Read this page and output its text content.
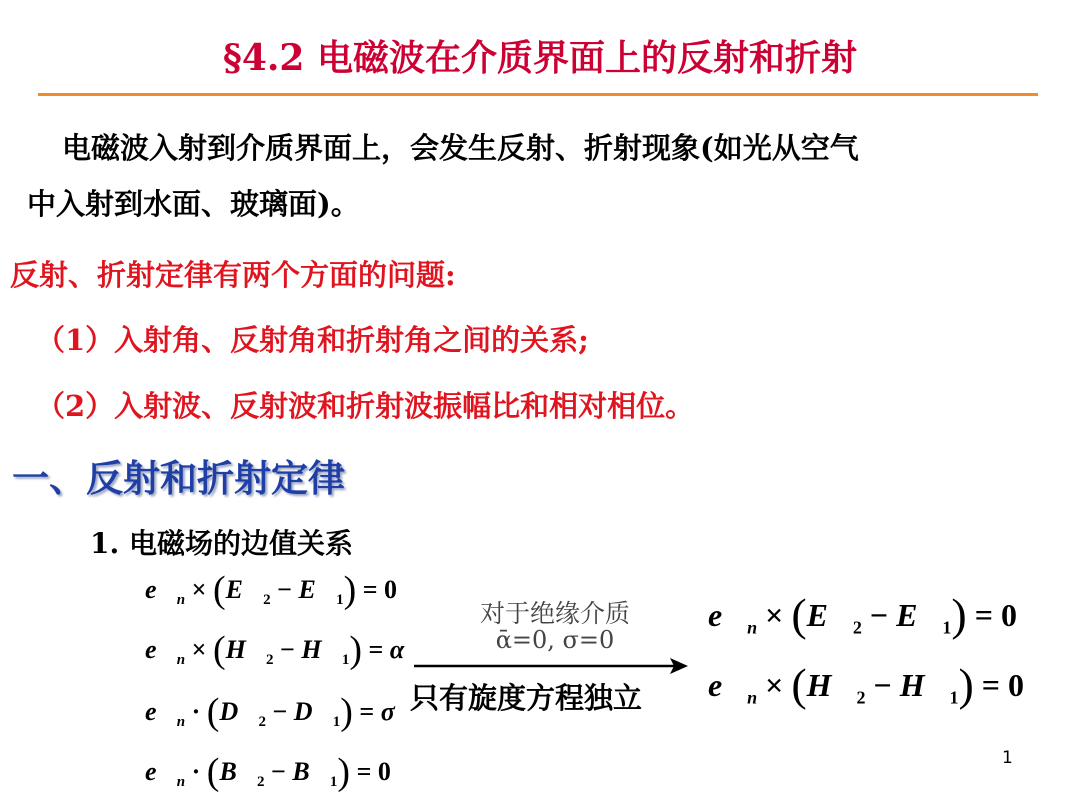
§4.2 电磁波在介质界面上的反射和折射
电磁波入射到介质界面上，会发生反射、折射现象(如光从空气
中入射到水面、玻璃面)。
反射、折射定律有两个方面的问题:
（1）入射角、反射角和折射角之间的关系;
（2）入射波、反射波和折射波振幅比和相对相位。
一、反射和折射定律
1. 电磁场的边值关系
$e⃗_n$ × ($E⃗_2$ − $E⃗_1) = 0$
$e⃗_n$ × ($H⃗_2$ − $H⃗_1$) = α⃗
$e⃗_n$ · ($D⃗_2$ − $D⃗_1) = \sigma$
$e⃗_n$ · ($B⃗_2$ − $B⃗_1) = 0$
对于绝缘介质
ᾱ=0, σ=0
只有旋度方程独立
$e⃗_n$ × ($E⃗_2$ − $E⃗_1) = 0$
$e⃗_n$ × ($H⃗_2$ − $H⃗_1) = 0$
1
